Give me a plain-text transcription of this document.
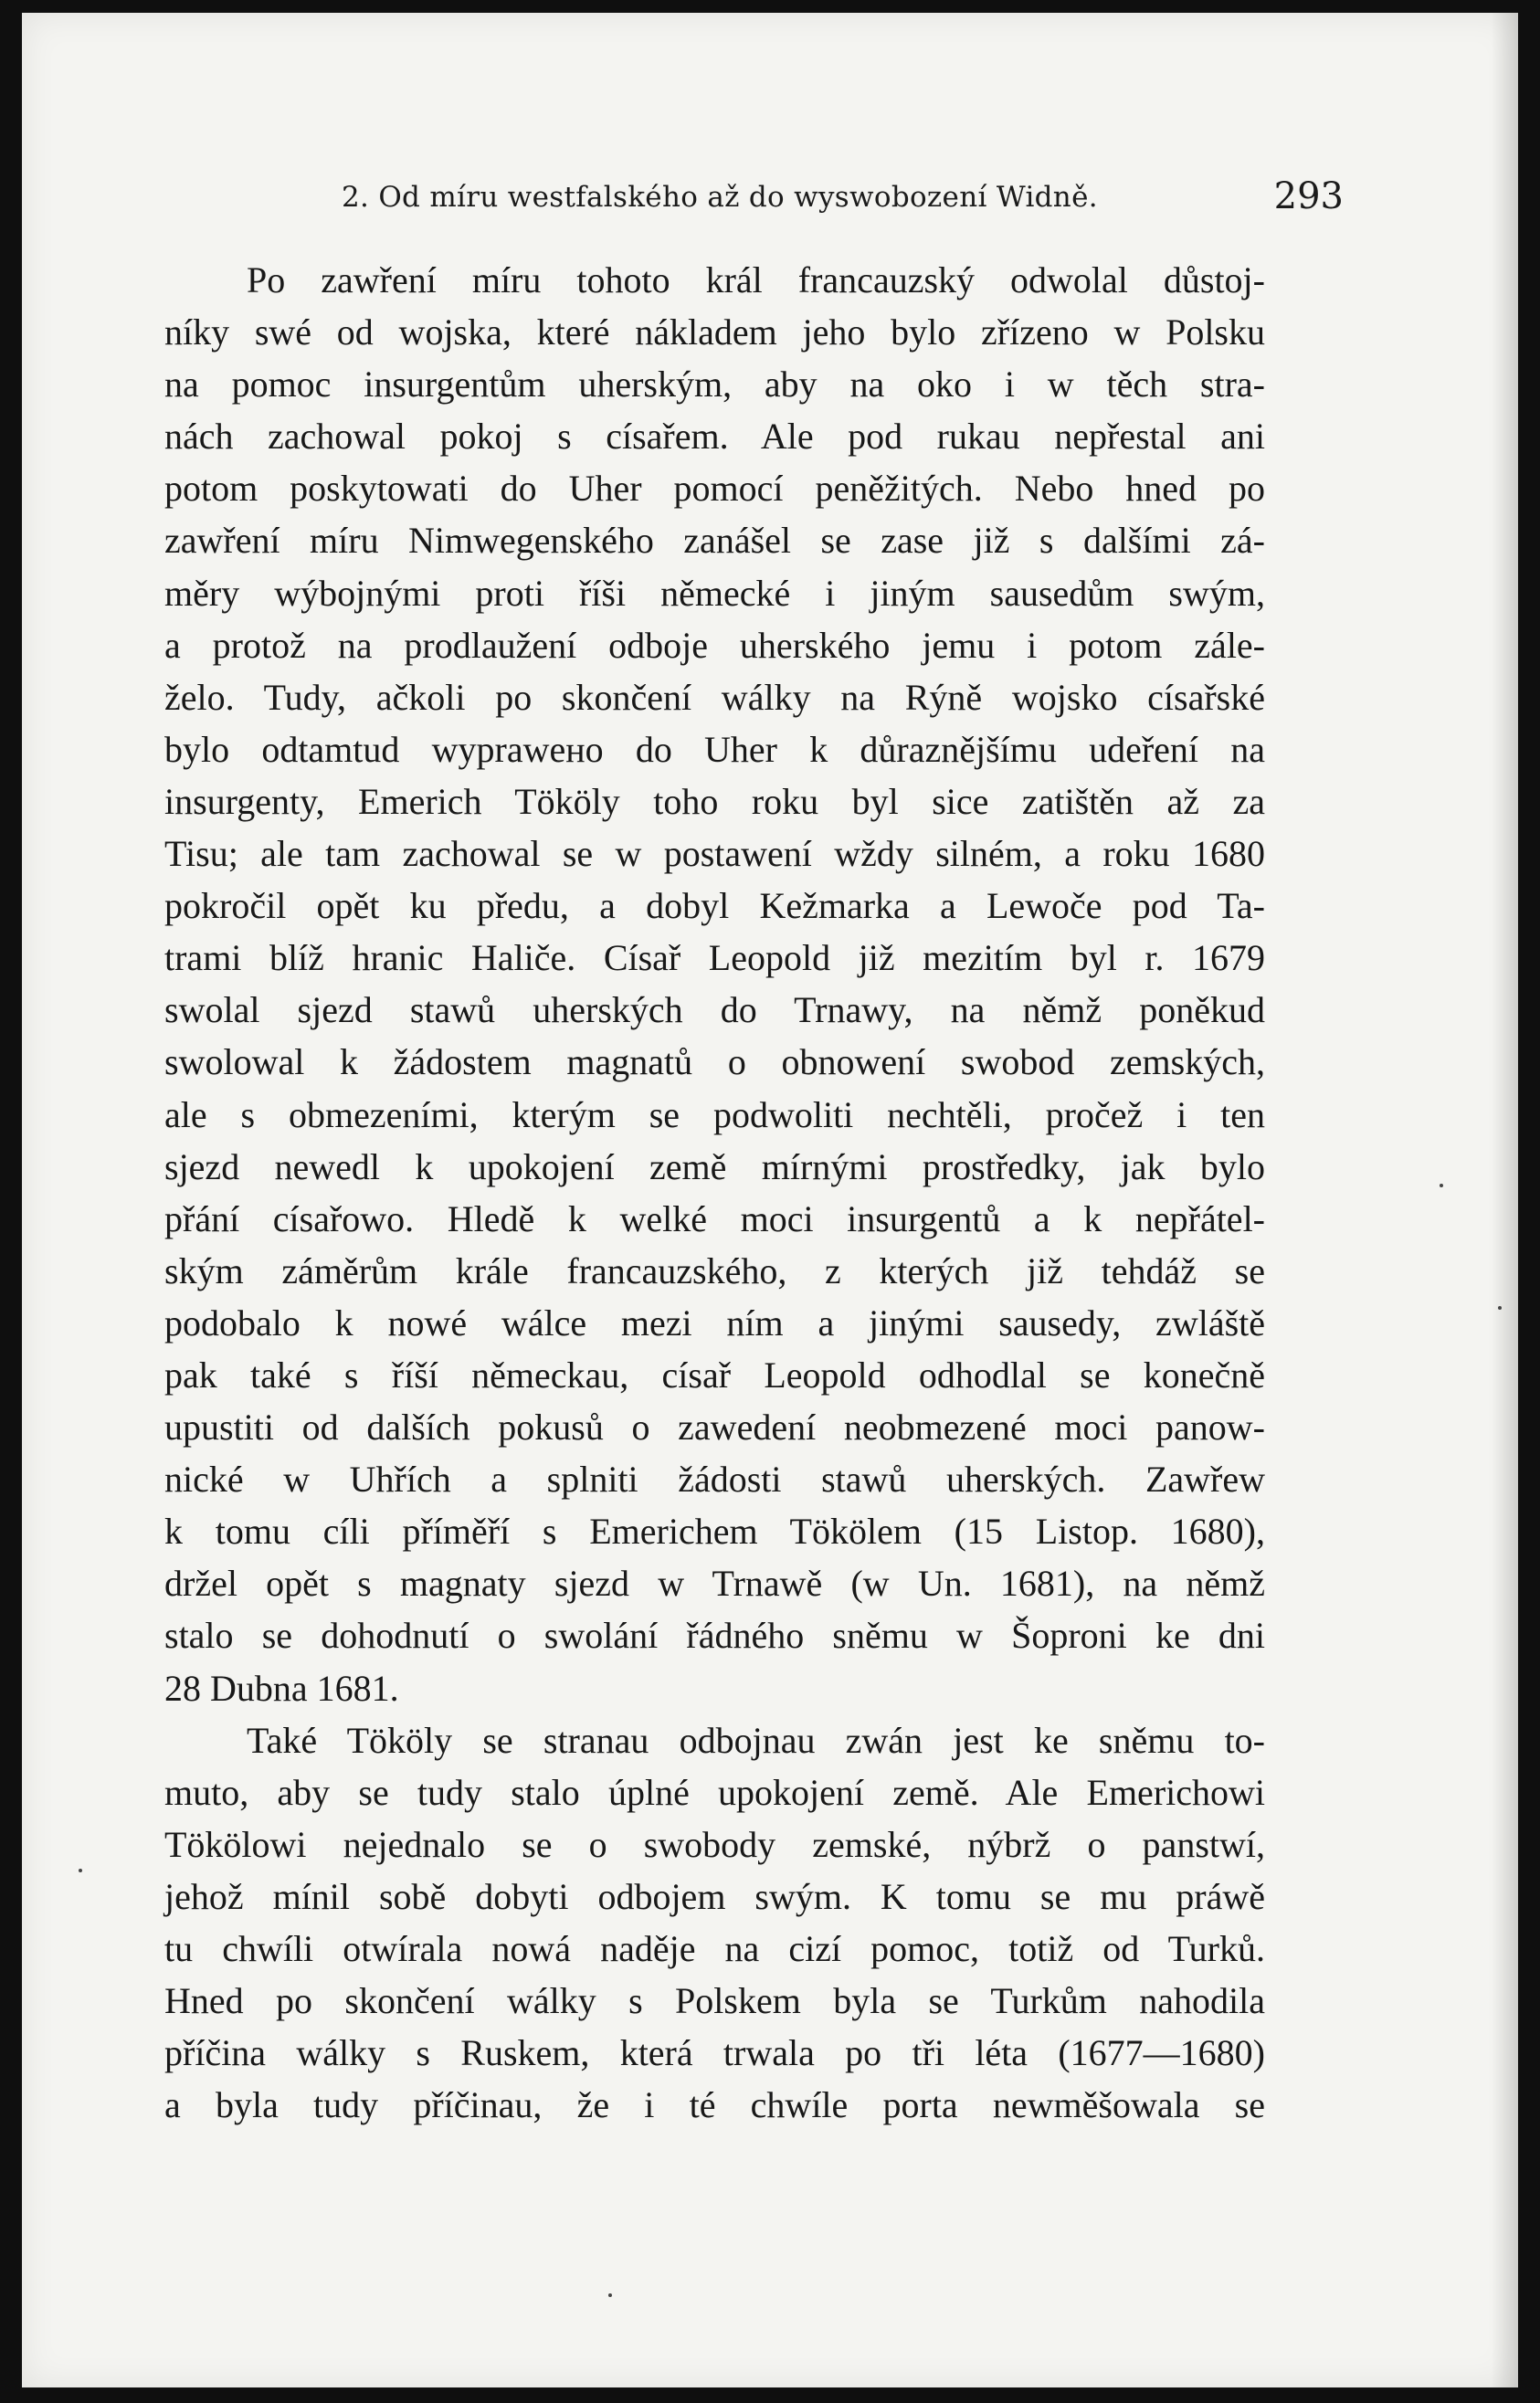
2. Od míru westfalského až do wyswobození Widně.	293
Po zawření míru tohoto král francauzský odwolal důstoj-
níky swé od wojska, které nákladem jeho bylo zřízeno w Polsku
na pomoc insurgentům uherským, aby na oko i w těch stra-
nách zachowal pokoj s císařem. Ale pod rukau nepřestal ani
potom poskytowati do Uher pomocí peněžitých. Nebo hned po
zawření míru Nimwegenského zanášel se zase již s dalšími zá-
měry wýbojnými proti říši německé i jiným sausedům swým,
a protož na prodlaužení odboje uherského jemu i potom zále-
želo. Tudy, ačkoli po skončení wálky na Rýně wojsko císařské
bylo odtamtud wyprawено do Uher k důraznějšímu udeření na
insurgenty, Emerich Tököly toho roku byl sice zatištěn až za
Tisu; ale tam zachowal se w postawení wždy silném, a roku 1680
pokročil opět ku předu, a dobyl Kežmarka a Lewoče pod Ta-
trami blíž hranic Haliče. Císař Leopold již mezitím byl r. 1679
swolal sjezd stawů uherských do Trnawy, na němž poněkud
swolowal k žádostem magnatů o obnowení swobod zemských,
ale s obmezeními, kterým se podwoliti nechtěli, pročež i ten
sjezd newedl k upokojení země mírnými prostředky, jak bylo
přání císařowo. Hledě k welké moci insurgentů a k nepřátel-
ským záměrům krále francauzského, z kterých již tehdáž se
podobalo k nowé wálce mezi ním a jinými sausedy, zwláště
pak také s říší německau, císař Leopold odhodlal se konečně
upustiti od dalších pokusů o zawedení neobmezené moci panow-
nické w Uhřích a splniti žádosti stawů uherských. Zawřew
k tomu cíli příměří s Emerichem Tökölem (15 Listop. 1680),
držel opět s magnaty sjezd w Trnawě (w Un. 1681), na němž
stalo se dohodnutí o swolání řádného sněmu w Šoproni ke dni
28 Dubna 1681.
Také Tököly se stranau odbojnau zwán jest ke sněmu to-
muto, aby se tudy stalo úplné upokojení země. Ale Emerichowi
Tökölowi nejednalo se o swobody zemské, nýbrž o panstwí,
jehož mínil sobě dobyti odbojem swým. K tomu se mu práwě
tu chwíli otwírala nowá naděje na cizí pomoc, totiž od Turků.
Hned po skončení wálky s Polskem byla se Turkům nahodila
příčina wálky s Ruskem, která trwala po tři léta (1677—1680)
a byla tudy příčinau, že i té chwíle porta newměšowala se
